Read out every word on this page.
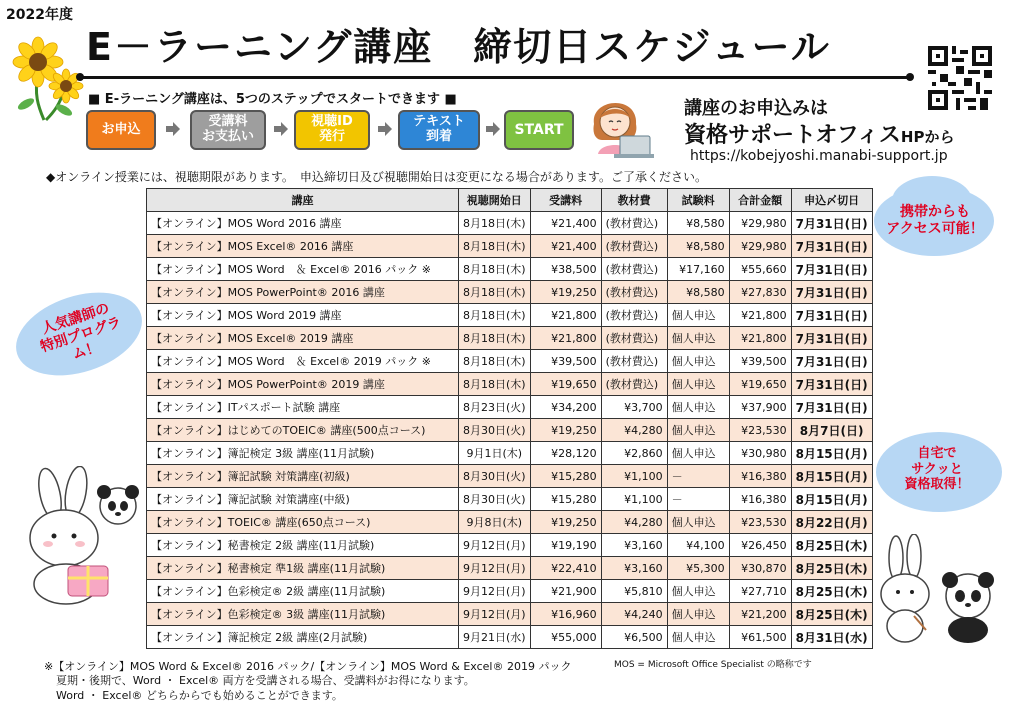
2022年度
E－ラーニング講座　締切日スケジュール
■ E-ラーニング講座は、5つのステップでスタートできます ■
お申込	受講料
お支払い
視聴ID
発行
テキスト
到着	START
講座のお申込みは
資格サポートオフィスHPから
https://kobejyoshi.manabi-support.jp
◆オンライン授業には、視聴期限があります。　申込締切日及び視聴開始日は変更になる場合があります。ご了承ください。
講座	視聴開始日	受講料	教材費	試験料	合計金額	申込〆切日
【オンライン】MOS Word 2016 講座	8月18日(木)	¥21,400	(教材費込)	¥8,580	¥29,980	7月31日(日)
【オンライン】MOS Excel® 2016 講座	8月18日(木)	¥21,400	(教材費込)	¥8,580	¥29,980	7月31日(日)
【オンライン】MOS Word　＆ Excel® 2016 パック ※	8月18日(木)	¥38,500	(教材費込)	¥17,160	¥55,660	7月31日(日)
【オンライン】MOS PowerPoint® 2016 講座	8月18日(木)	¥19,250	(教材費込)	¥8,580	¥27,830	7月31日(日)
【オンライン】MOS Word 2019 講座	8月18日(木)	¥21,800	(教材費込)	個人申込	¥21,800	7月31日(日)
【オンライン】MOS Excel® 2019 講座	8月18日(木)	¥21,800	(教材費込)	個人申込	¥21,800	7月31日(日)
【オンライン】MOS Word　＆ Excel® 2019 パック ※	8月18日(木)	¥39,500	(教材費込)	個人申込	¥39,500	7月31日(日)
【オンライン】MOS PowerPoint® 2019 講座	8月18日(木)	¥19,650	(教材費込)	個人申込	¥19,650	7月31日(日)
【オンライン】ITパスポート試験 講座	8月23日(火)	¥34,200	¥3,700	個人申込	¥37,900	7月31日(日)
【オンライン】はじめてのTOEIC® 講座(500点コース)	8月30日(火)	¥19,250	¥4,280	個人申込	¥23,530	8月7日(日)
【オンライン】簿記検定 3級 講座(11月試験)	9月1日(木)	¥28,120	¥2,860	個人申込	¥30,980	8月15日(月)
【オンライン】簿記試験 対策講座(初級)	8月30日(火)	¥15,280	¥1,100	－	¥16,380	8月15日(月)
【オンライン】簿記試験 対策講座(中級)	8月30日(火)	¥15,280	¥1,100	－	¥16,380	8月15日(月)
【オンライン】TOEIC® 講座(650点コース)	9月8日(木)	¥19,250	¥4,280	個人申込	¥23,530	8月22日(月)
【オンライン】秘書検定 2級 講座(11月試験)	9月12日(月)	¥19,190	¥3,160	¥4,100	¥26,450	8月25日(木)
【オンライン】秘書検定 準1級 講座(11月試験)	9月12日(月)	¥22,410	¥3,160	¥5,300	¥30,870	8月25日(木)
【オンライン】色彩検定® 2級 講座(11月試験)	9月12日(月)	¥21,900	¥5,810	個人申込	¥27,710	8月25日(木)
【オンライン】色彩検定® 3級 講座(11月試験)	9月12日(月)	¥16,960	¥4,240	個人申込	¥21,200	8月25日(木)
【オンライン】簿記検定 2級 講座(2月試験)	9月21日(水)	¥55,000	¥6,500	個人申込	¥61,500	8月31日(水)
携帯からも
アクセス可能！
人気講師の
特別プログラム！
自宅で
サクッと
資格取得！
※【オンライン】MOS Word & Excel® 2016 パック/【オンライン】MOS Word & Excel® 2019 パック
夏期・後期で、Word ・ Excel® 両方を受講される場合、受講料がお得になります。
Word ・ Excel® どちらからでも始めることができます。
MOS = Microsoft Office Specialist の略称です
